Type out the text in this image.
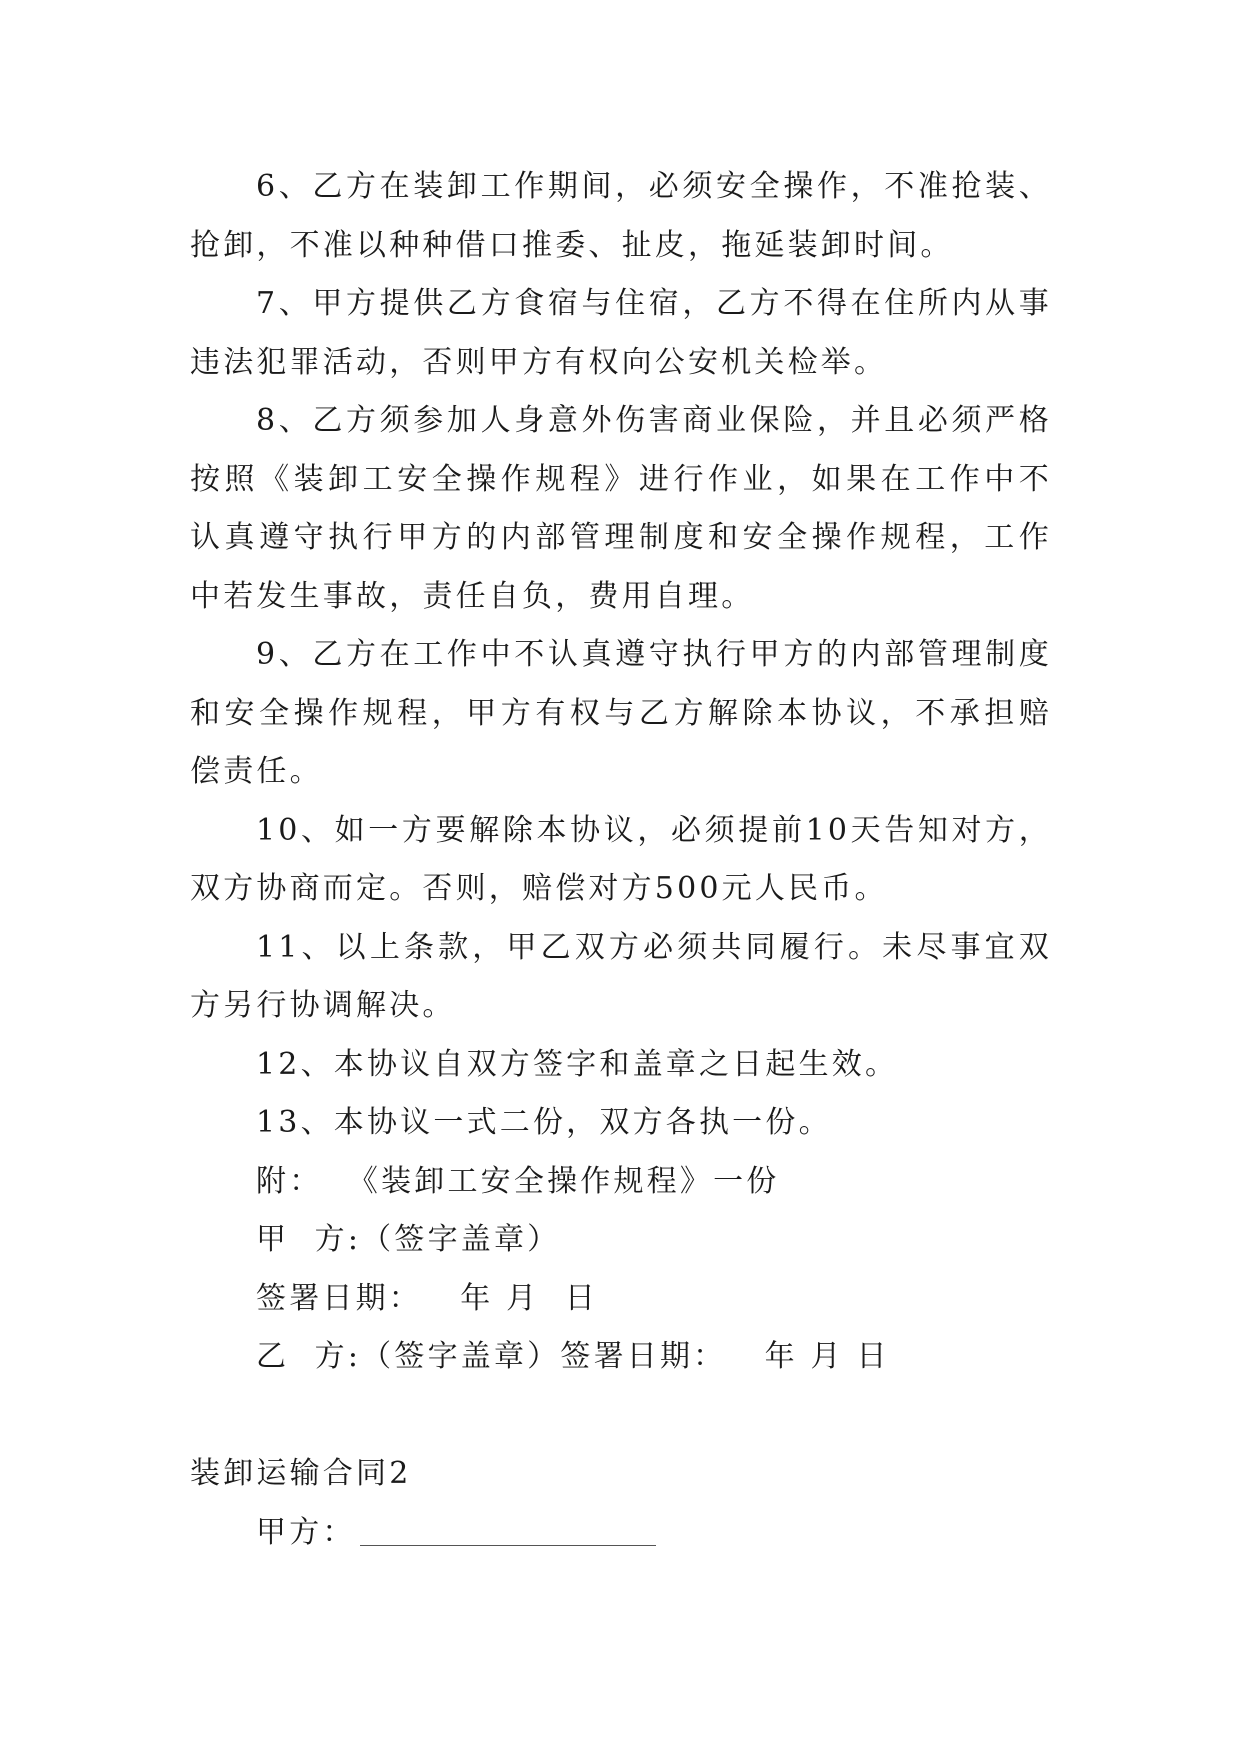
6、乙方在装卸工作期间，必须安全操作，不准抢装、抢卸，不准以种种借口推委、扯皮，拖延装卸时间。

7、甲方提供乙方食宿与住宿，乙方不得在住所内从事违法犯罪活动，否则甲方有权向公安机关检举。

8、乙方须参加人身意外伤害商业保险，并且必须严格按照《装卸工安全操作规程》进行作业，如果在工作中不认真遵守执行甲方的内部管理制度和安全操作规程，工作中若发生事故，责任自负，费用自理。

9、乙方在工作中不认真遵守执行甲方的内部管理制度和安全操作规程，甲方有权与乙方解除本协议，不承担赔偿责任。

10、如一方要解除本协议，必须提前10天告知对方，双方协商而定。否则，赔偿对方500元人民币。

11、以上条款，甲乙双方必须共同履行。未尽事宜双方另行协调解决。

12、本协议自双方签字和盖章之日起生效。

13、本协议一式二份，双方各执一份。

附：  《装卸工安全操作规程》一份

甲  方:（签字盖章）

签署日期：   年 月  日

乙  方:（签字盖章）签署日期：   年 月 日

装卸运输合同2

甲方：
